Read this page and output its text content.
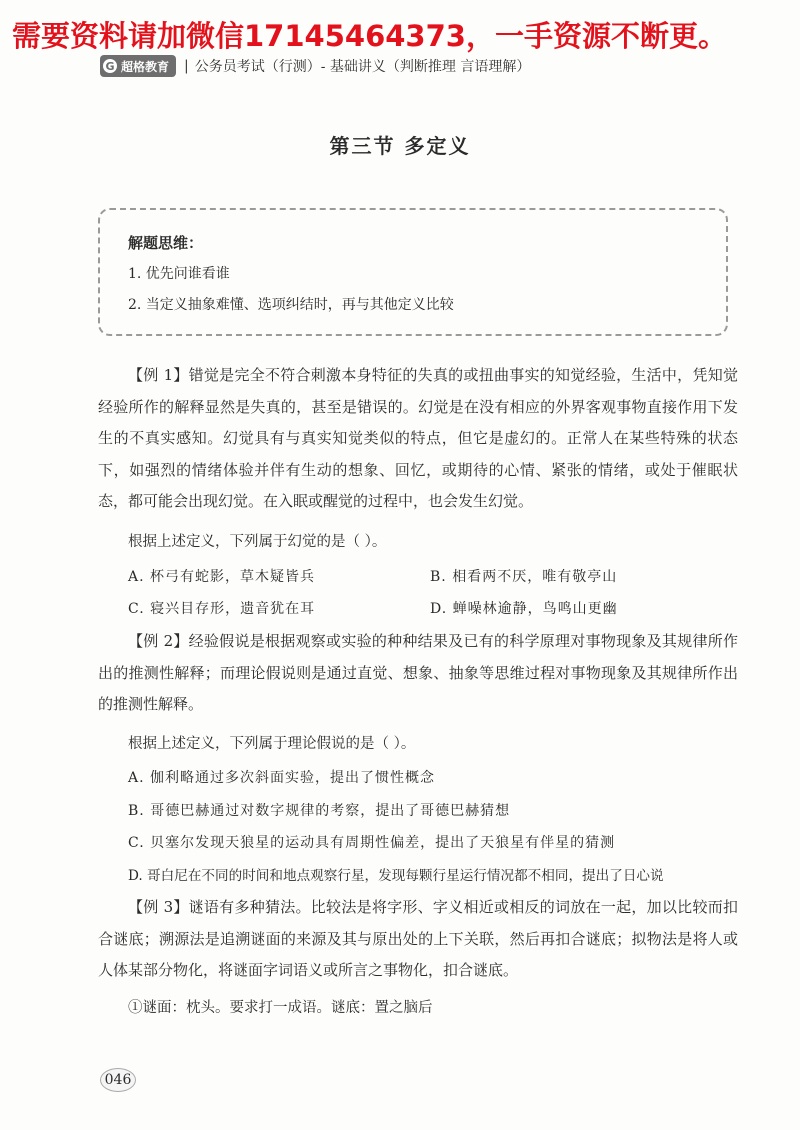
需要资料请加微信17145464373，一手资源不断更。
G 超格教育 | 公务员考试（行测）- 基础讲义（判断推理 言语理解）
第三节 多定义
解题思维：
1. 优先问谁看谁
2. 当定义抽象难懂、选项纠结时，再与其他定义比较
【例 1】错觉是完全不符合刺激本身特征的失真的或扭曲事实的知觉经验，生活中，凭知觉经验所作的解释显然是失真的，甚至是错误的。幻觉是在没有相应的外界客观事物直接作用下发生的不真实感知。幻觉具有与真实知觉类似的特点，但它是虚幻的。正常人在某些特殊的状态下，如强烈的情绪体验并伴有生动的想象、回忆，或期待的心情、紧张的情绪，或处于催眠状态，都可能会出现幻觉。在入眠或醒觉的过程中，也会发生幻觉。
根据上述定义，下列属于幻觉的是（ ）。
A. 杯弓有蛇影，草木疑皆兵	B. 相看两不厌，唯有敬亭山
C. 寝兴目存形，遗音犹在耳	D. 蝉噪林逾静，鸟鸣山更幽
【例 2】经验假说是根据观察或实验的种种结果及已有的科学原理对事物现象及其规律所作出的推测性解释；而理论假说则是通过直觉、想象、抽象等思维过程对事物现象及其规律所作出的推测性解释。
根据上述定义，下列属于理论假说的是（ ）。
A. 伽利略通过多次斜面实验，提出了惯性概念
B. 哥德巴赫通过对数字规律的考察，提出了哥德巴赫猜想
C. 贝塞尔发现天狼星的运动具有周期性偏差，提出了天狼星有伴星的猜测
D. 哥白尼在不同的时间和地点观察行星，发现每颗行星运行情况都不相同，提出了日心说
【例 3】谜语有多种猜法。比较法是将字形、字义相近或相反的词放在一起，加以比较而扣合谜底；溯源法是追溯谜面的来源及其与原出处的上下关联，然后再扣合谜底；拟物法是将人或人体某部分物化，将谜面字词语义或所言之事物化，扣合谜底。
①谜面：枕头。要求打一成语。谜底：置之脑后
046
